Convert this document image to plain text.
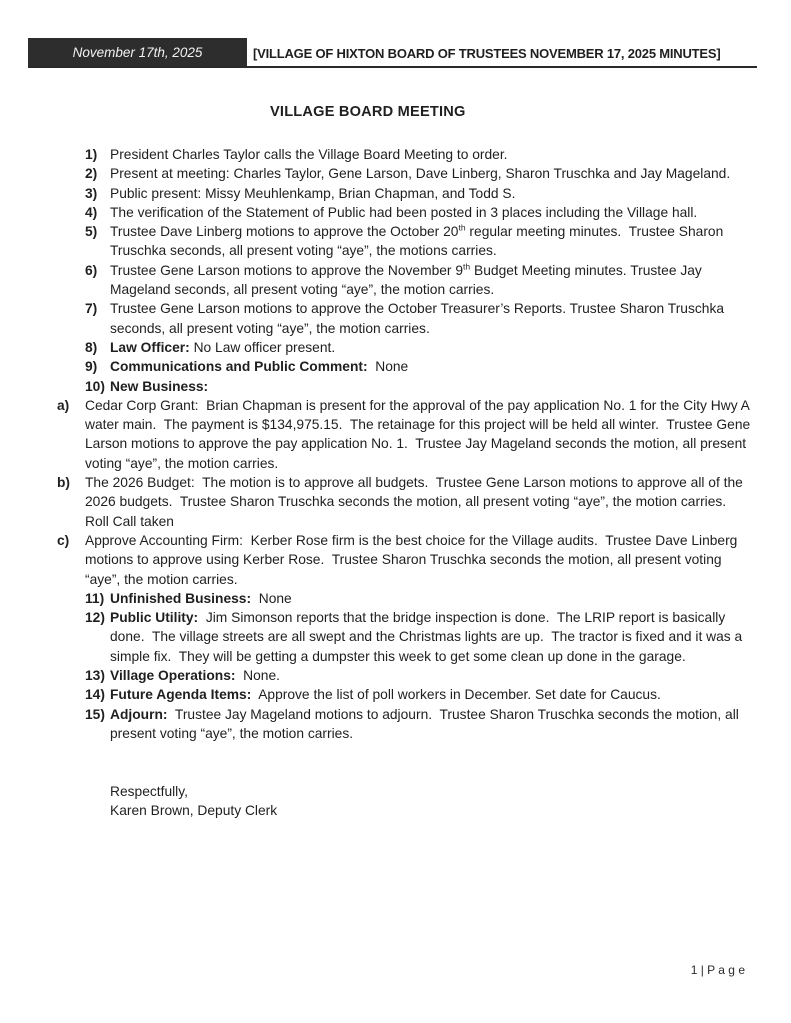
November 17th, 2025	[VILLAGE OF HIXTON BOARD OF TRUSTEES NOVEMBER 17, 2025 MINUTES]
VILLAGE BOARD MEETING
1) President Charles Taylor calls the Village Board Meeting to order.
2) Present at meeting: Charles Taylor, Gene Larson, Dave Linberg, Sharon Truschka and Jay Mageland.
3) Public present: Missy Meuhlenkamp, Brian Chapman, and Todd S.
4) The verification of the Statement of Public had been posted in 3 places including the Village hall.
5) Trustee Dave Linberg motions to approve the October 20th regular meeting minutes.  Trustee Sharon Truschka seconds, all present voting “aye”, the motions carries.
6) Trustee Gene Larson motions to approve the November 9th Budget Meeting minutes. Trustee Jay Mageland seconds, all present voting “aye”, the motion carries.
7) Trustee Gene Larson motions to approve the October Treasurer’s Reports. Trustee Sharon Truschka seconds, all present voting “aye”, the motion carries.
8) Law Officer: No Law officer present.
9) Communications and Public Comment:  None
10) New Business:
a)	Cedar Corp Grant:  Brian Chapman is present for the approval of the pay application No. 1 for the City Hwy A water main.  The payment is $134,975.15.  The retainage for this project will be held all winter.  Trustee Gene Larson motions to approve the pay application No. 1.  Trustee Jay Mageland seconds the motion, all present voting “aye”, the motion carries.
b)	The 2026 Budget:  The motion is to approve all budgets.  Trustee Gene Larson motions to approve all of the 2026 budgets.  Trustee Sharon Truschka seconds the motion, all present voting “aye”, the motion carries.  Roll Call taken
c)	Approve Accounting Firm:  Kerber Rose firm is the best choice for the Village audits.  Trustee Dave Linberg motions to approve using Kerber Rose.  Trustee Sharon Truschka seconds the motion, all present voting “aye”, the motion carries.
11) Unfinished Business:  None
12) Public Utility:  Jim Simonson reports that the bridge inspection is done.  The LRIP report is basically done.  The village streets are all swept and the Christmas lights are up.  The tractor is fixed and it was a simple fix.  They will be getting a dumpster this week to get some clean up done in the garage.
13) Village Operations:  None.
14) Future Agenda Items:  Approve the list of poll workers in December. Set date for Caucus.
15) Adjourn:  Trustee Jay Mageland motions to adjourn.  Trustee Sharon Truschka seconds the motion, all present voting “aye”, the motion carries.
Respectfully,
Karen Brown, Deputy Clerk
1 | P a g e
